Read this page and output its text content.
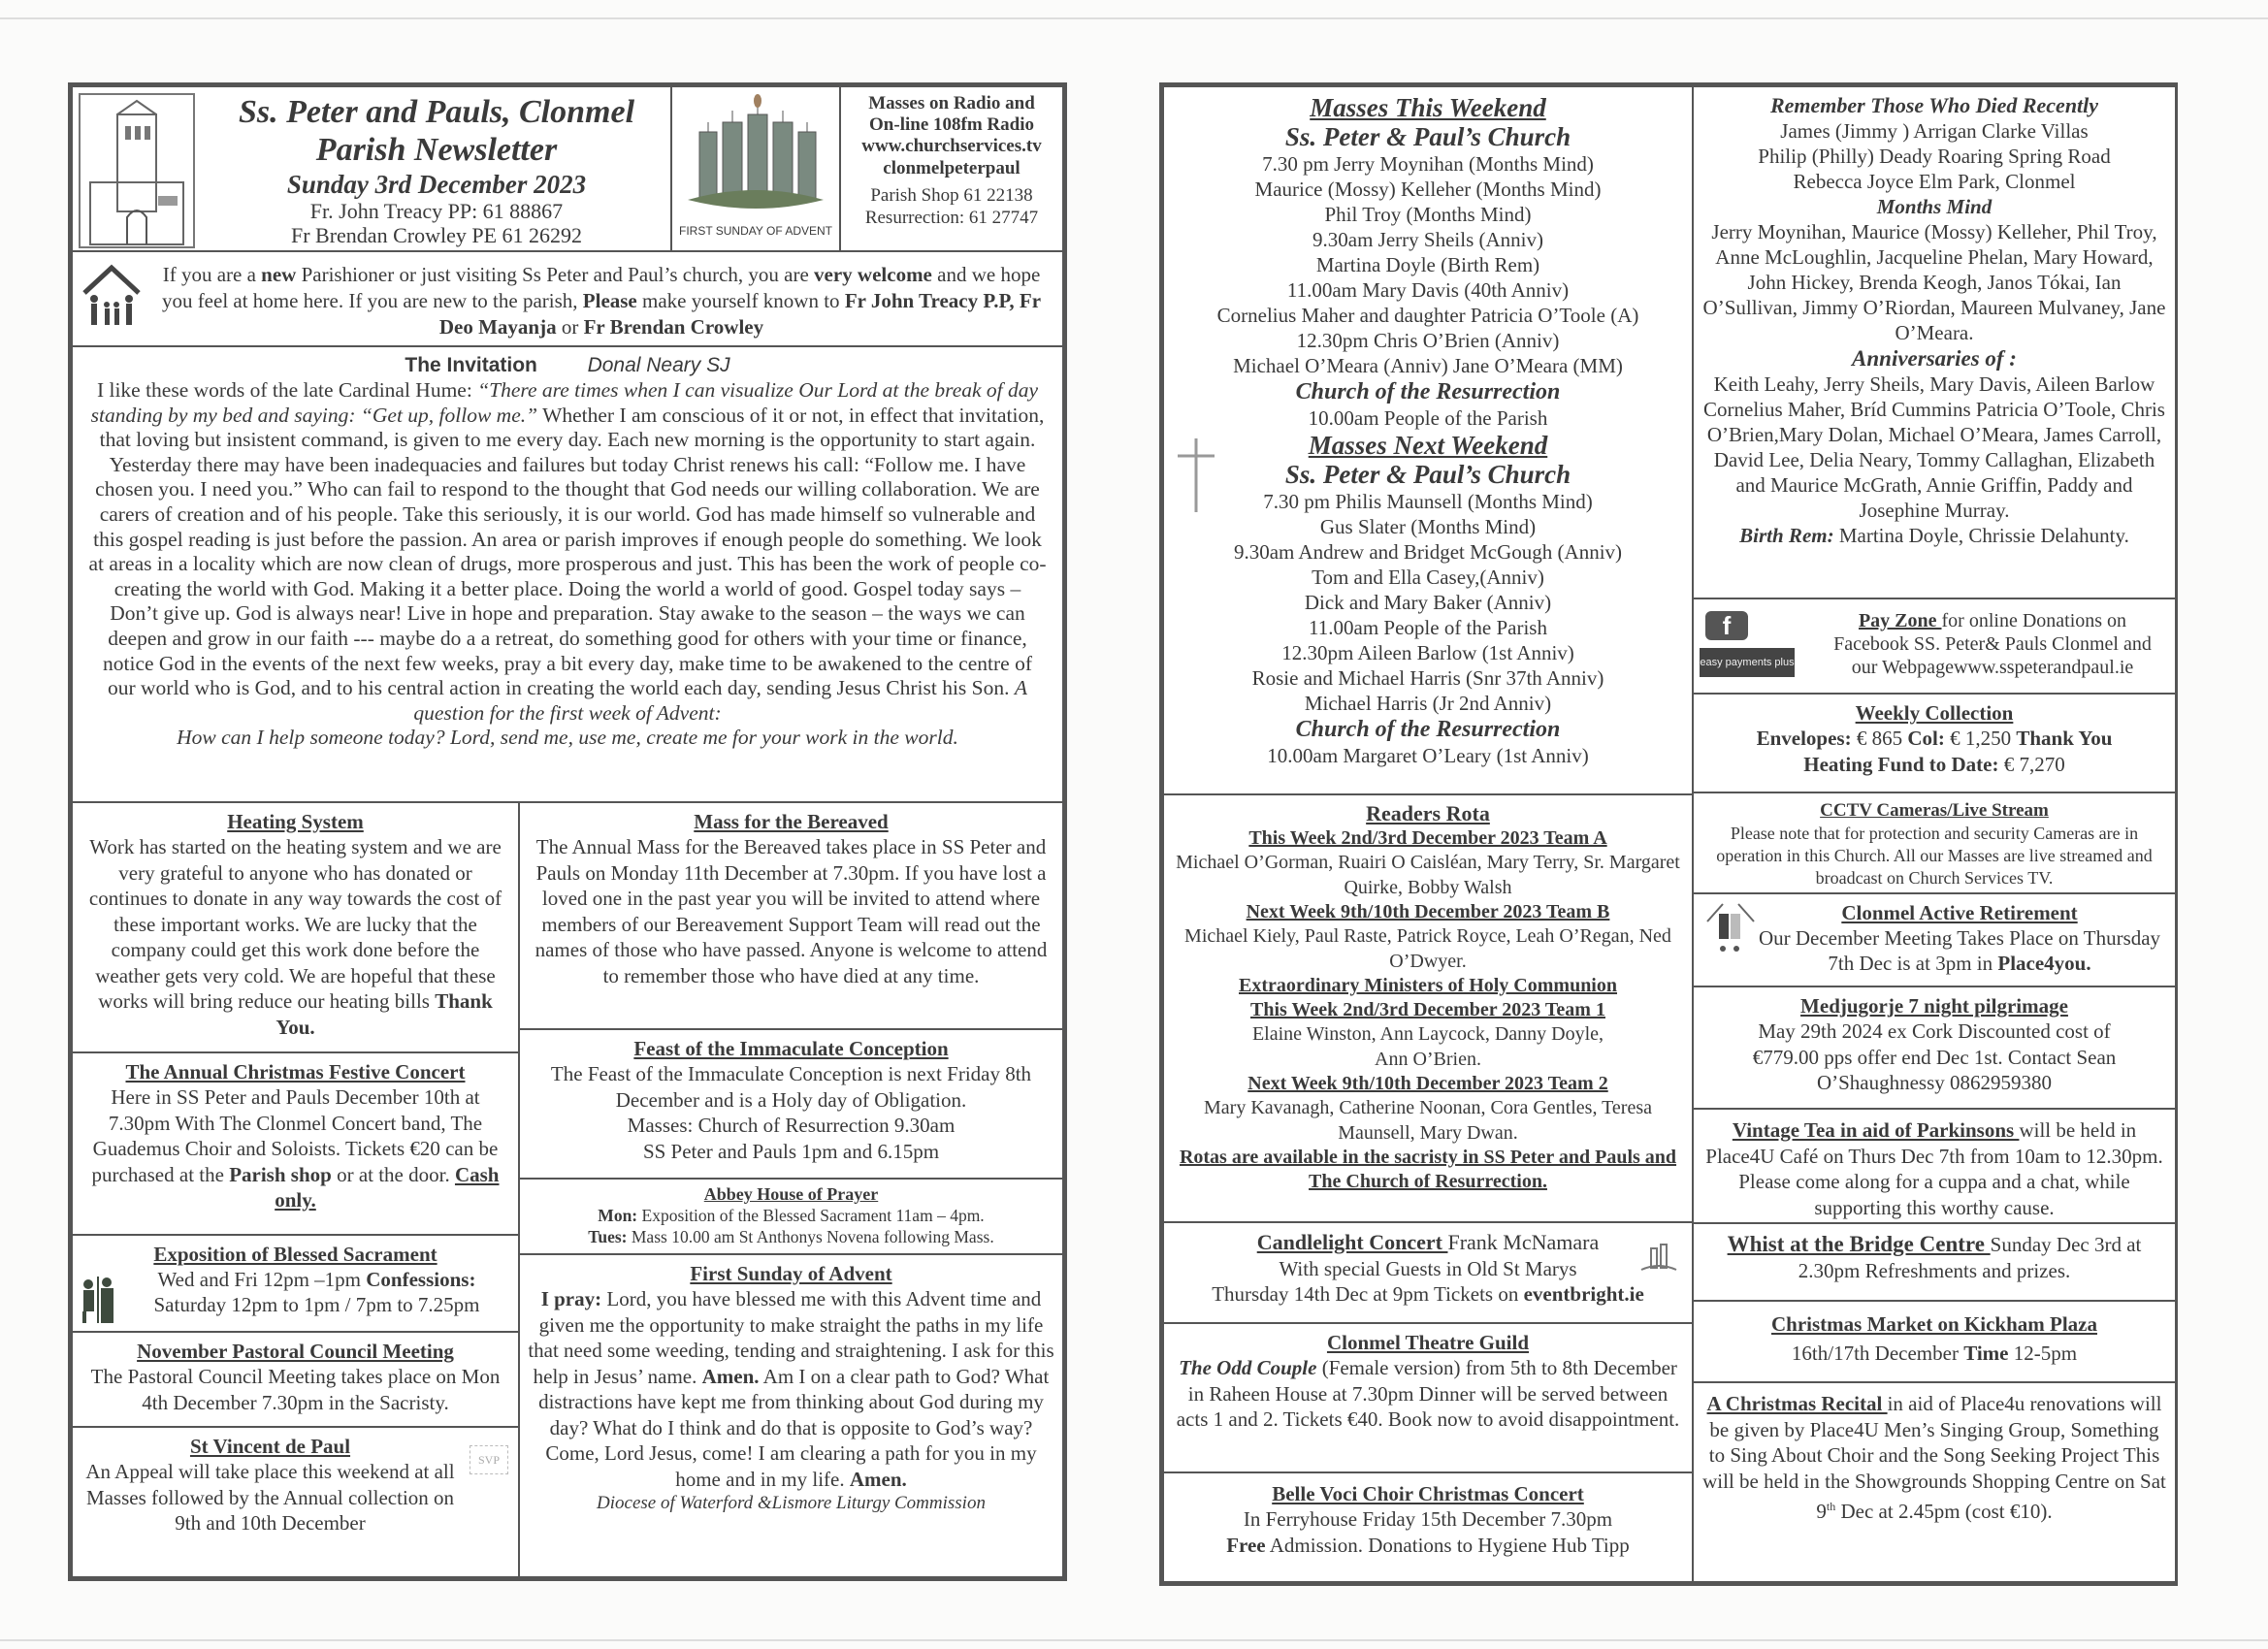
Ss. Peter and Pauls, Clonmel
Parish Newsletter
Sunday 3rd December 2023
Fr. John Treacy PP: 61 88867
Fr Brendan Crowley PE 61 26292	FIRST SUNDAY OF ADVENT
Masses on Radio and
On-line 108fm Radio
www.churchservices.tv
clonmelpeterpaul
Parish Shop 61 22138
Resurrection: 61 27747
If you are a new Parishioner or just visiting Ss Peter and Paul’s church, you are very welcome and we hope you feel at home here. If you are new to the parish, Please make yourself known to Fr John Treacy P.P, Fr Deo Mayanja or Fr Brendan Crowley
The Invitation Donal Neary SJ
I like these words of the late Cardinal Hume: “There are times when I can visualize Our Lord at the break of day standing by my bed and saying: “Get up, follow me.” Whether I am conscious of it or not, in effect that invitation, that loving but insistent command, is given to me every day. Each new morning is the opportunity to start again. Yesterday there may have been inadequacies and failures but today Christ renews his call: “Follow me. I have chosen you. I need you.” Who can fail to respond to the thought that God needs our willing collaboration. We are carers of creation and of his people. Take this seriously, it is our world. God has made himself so vulnerable and this gospel reading is just before the passion. An area or parish improves if enough people do something. We look at areas in a locality which are now clean of drugs, more prosperous and just. This has been the work of people co-creating the world with God. Making it a better place. Doing the world a world of good. Gospel today says – Don’t give up. God is always near! Live in hope and preparation. Stay awake to the season – the ways we can deepen and grow in our faith --- maybe do a a retreat, do something good for others with your time or finance, notice God in the events of the next few weeks, pray a bit every day, make time to be awakened to the centre of our world who is God, and to his central action in creating the world each day, sending Jesus Christ his Son. A question for the first week of Advent:
How can I help someone today? Lord, send me, use me, create me for your work in the world.
Heating System
Work has started on the heating system and we are very grateful to anyone who has donated or continues to donate in any way towards the cost of these important works. We are lucky that the company could get this work done before the weather gets very cold. We are hopeful that these works will bring reduce our heating bills Thank You.
The Annual Christmas Festive Concert
Here in SS Peter and Pauls December 10th at 7.30pm With The Clonmel Concert band, The Guademus Choir and Soloists. Tickets €20 can be purchased at the Parish shop or at the door. Cash only.
Exposition of Blessed Sacrament
Wed and Fri 12pm –1pm Confessions:
Saturday 12pm to 1pm / 7pm to 7.25pm
November Pastoral Council Meeting
The Pastoral Council Meeting takes place on Mon 4th December 7.30pm in the Sacristy.
SVP
St Vincent de Paul
An Appeal will take place this weekend at all Masses followed by the Annual collection on 9th and 10th December
Mass for the Bereaved
The Annual Mass for the Bereaved takes place in SS Peter and Pauls on Monday 11th December at 7.30pm. If you have lost a loved one in the past year you will be invited to attend where members of our Bereavement Support Team will read out the names of those who have passed. Anyone is welcome to attend to remember those who have died at any time.
Feast of the Immaculate Conception
The Feast of the Immaculate Conception is next Friday 8th December and is a Holy day of Obligation.
Masses: Church of Resurrection 9.30am
SS Peter and Pauls 1pm and 6.15pm
Abbey House of Prayer
Mon: Exposition of the Blessed Sacrament 11am – 4pm.
Tues: Mass 10.00 am St Anthonys Novena following Mass.
First Sunday of Advent
I pray: Lord, you have blessed me with this Advent time and given me the opportunity to make straight the paths in my life that need some weeding, tending and straightening. I ask for this help in Jesus’ name. Amen. Am I on a clear path to God? What distractions have kept me from thinking about God during my day? What do I think and do that is opposite to God’s way? Come, Lord Jesus, come! I am clearing a path for you in my home and in my life. Amen.
Diocese of Waterford &Lismore Liturgy Commission
Masses This Weekend
Ss. Peter & Paul’s Church
7.30 pm Jerry Moynihan (Months Mind)
Maurice (Mossy) Kelleher (Months Mind)
Phil Troy (Months Mind)
9.30am Jerry Sheils (Anniv)
Martina Doyle (Birth Rem)
11.00am Mary Davis (40th Anniv)
Cornelius Maher and daughter Patricia O’Toole (A)
12.30pm Chris O’Brien (Anniv)
Michael O’Meara (Anniv) Jane O’Meara (MM)
Church of the Resurrection
10.00am People of the Parish
Masses Next Weekend
Ss. Peter & Paul’s Church
7.30 pm Philis Maunsell (Months Mind)
Gus Slater (Months Mind)
9.30am Andrew and Bridget McGough (Anniv)
Tom and Ella Casey,(Anniv)
Dick and Mary Baker (Anniv)
11.00am People of the Parish
12.30pm Aileen Barlow (1st Anniv)
Rosie and Michael Harris (Snr 37th Anniv)
Michael Harris (Jr 2nd Anniv)
Church of the Resurrection
10.00am Margaret O’Leary (1st Anniv)
Readers Rota
This Week 2nd/3rd December 2023 Team A
Michael O’Gorman, Ruairi O Caisléan, Mary Terry, Sr. Margaret Quirke, Bobby Walsh
Next Week 9th/10th December 2023 Team B
Michael Kiely, Paul Raste, Patrick Royce, Leah O’Regan, Ned O’Dwyer.
Extraordinary Ministers of Holy Communion
This Week 2nd/3rd December 2023 Team 1
Elaine Winston, Ann Laycock, Danny Doyle, Ann O’Brien.
Next Week 9th/10th December 2023 Team 2
Mary Kavanagh, Catherine Noonan, Cora Gentles, Teresa Maunsell, Mary Dwan.
Rotas are available in the sacristy in SS Peter and Pauls and The Church of Resurrection.
Candlelight Concert Frank McNamara
With special Guests in Old St Marys
Thursday 14th Dec at 9pm Tickets on eventbright.ie
Clonmel Theatre Guild
The Odd Couple (Female version) from 5th to 8th December in Raheen House at 7.30pm Dinner will be served between acts 1 and 2. Tickets €40. Book now to avoid disappointment.
Belle Voci Choir Christmas Concert
In Ferryhouse Friday 15th December 7.30pm
Free Admission. Donations to Hygiene Hub Tipp
Remember Those Who Died Recently
James (Jimmy ) Arrigan Clarke Villas
Philip (Philly) Deady Roaring Spring Road
Rebecca Joyce Elm Park, Clonmel
Months Mind
Jerry Moynihan, Maurice (Mossy) Kelleher, Phil Troy, Anne McLoughlin, Jacqueline Phelan, Mary Howard, John Hickey, Brenda Keogh, Janos Tókai, Ian O’Sullivan, Jimmy O’Riordan, Maureen Mulvaney, Jane O’Meara.
Anniversaries of :
Keith Leahy, Jerry Sheils, Mary Davis, Aileen Barlow Cornelius Maher, Bríd Cummins Patricia O’Toole, Chris O’Brien,Mary Dolan, Michael O’Meara, James Carroll, David Lee, Delia Neary, Tommy Callaghan, Elizabeth and Maurice McGrath, Annie Griffin, Paddy and Josephine Murray.
Birth Rem: Martina Doyle, Chrissie Delahunty.
f
easy payments plus
Pay Zone for online Donations on Facebook SS. Peter& Pauls Clonmel and our Webpagewww.sspeterandpaul.ie
Weekly Collection
Envelopes: € 865 Col: € 1,250 Thank You
Heating Fund to Date: € 7,270
CCTV Cameras/Live Stream
Please note that for protection and security Cameras are in operation in this Church. All our Masses are live streamed and broadcast on Church Services TV.
Clonmel Active Retirement
Our December Meeting Takes Place on Thursday 7th Dec is at 3pm in Place4you.
Medjugorje 7 night pilgrimage
May 29th 2024 ex Cork Discounted cost of €779.00 pps offer end Dec 1st. Contact Sean O’Shaughnessy 0862959380
Vintage Tea in aid of Parkinsons will be held in Place4U Café on Thurs Dec 7th from 10am to 12.30pm. Please come along for a cuppa and a chat, while supporting this worthy cause.
Whist at the Bridge Centre Sunday Dec 3rd at 2.30pm Refreshments and prizes.
Christmas Market on Kickham Plaza
16th/17th December Time 12-5pm
A Christmas Recital in aid of Place4u renovations will be given by Place4U Men’s Singing Group, Something to Sing About Choir and the Song Seeking Project This will be held in the Showgrounds Shopping Centre on Sat 9th Dec at 2.45pm (cost €10).
